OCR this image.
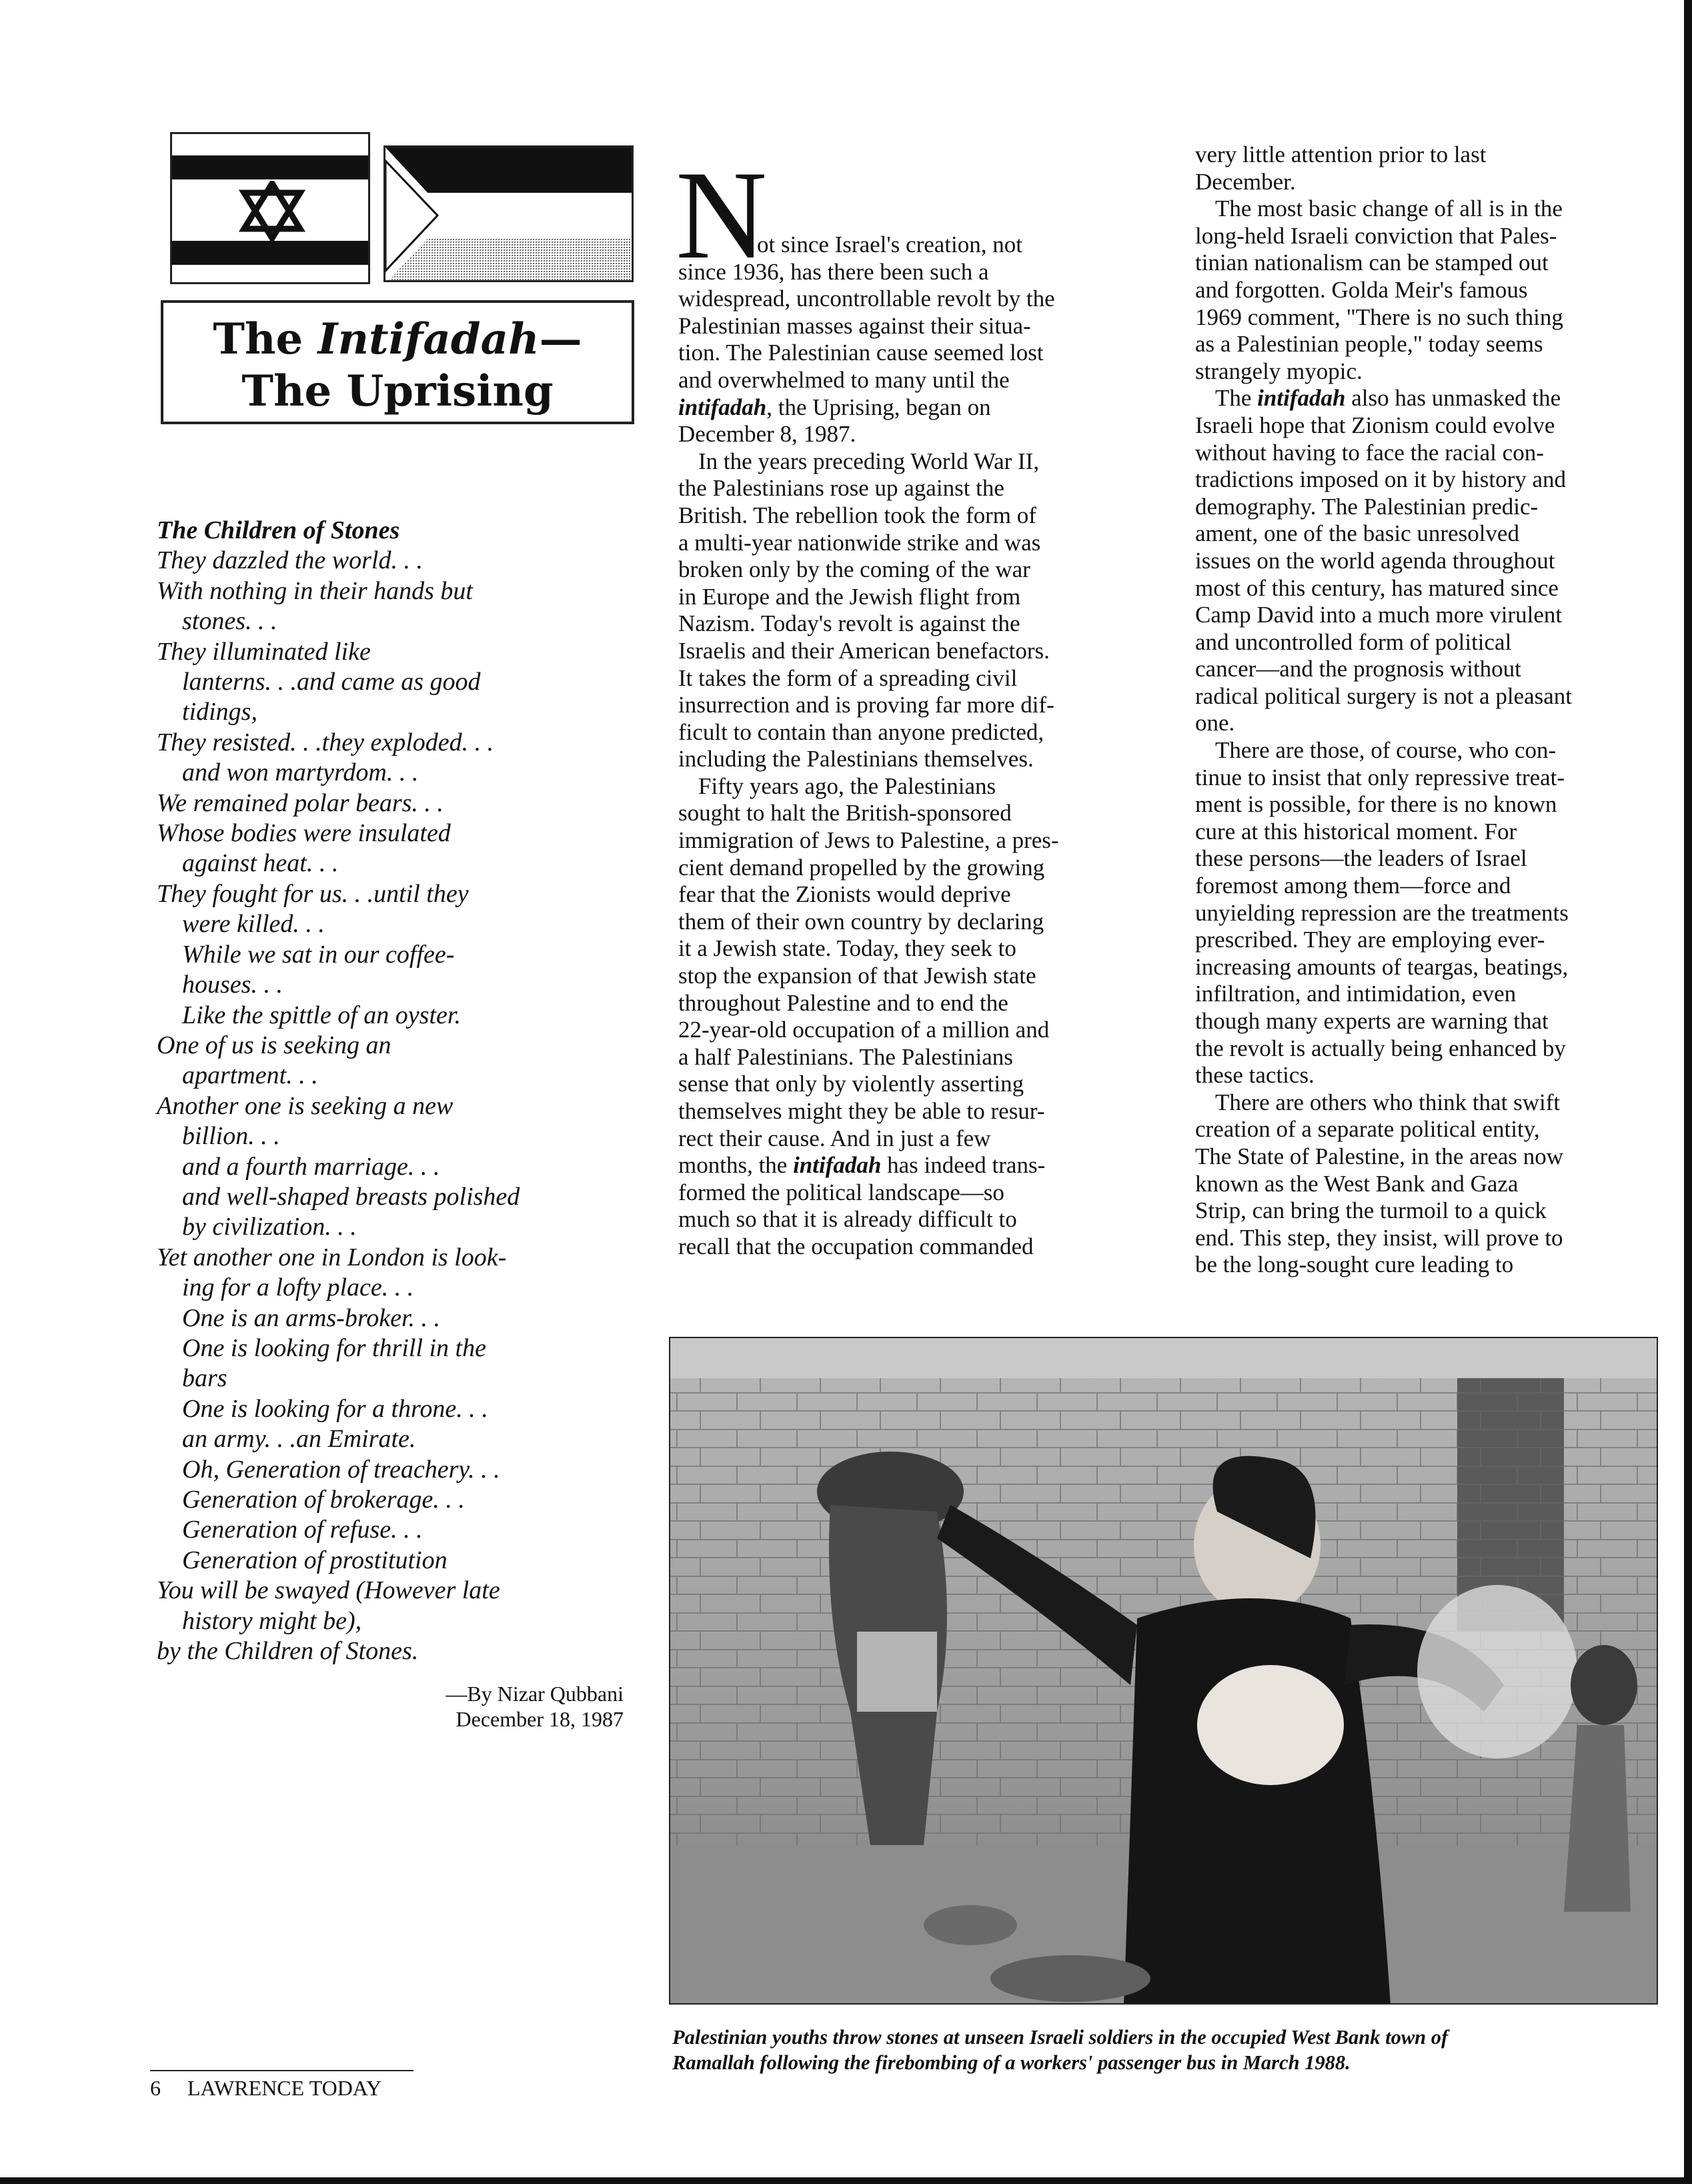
The Intifadah—
The Uprising
The Children of Stones
They dazzled the world. . .
With nothing in their hands but
stones. . .
They illuminated like
lanterns. . .and came as good
tidings,
They resisted. . .they exploded. . .
and won martyrdom. . .
We remained polar bears. . .
Whose bodies were insulated
against heat. . .
They fought for us. . .until they
were killed. . .
While we sat in our coffee-
houses. . .
Like the spittle of an oyster.
One of us is seeking an
apartment. . .
Another one is seeking a new
billion. . .
and a fourth marriage. . .
and well-shaped breasts polished
by civilization. . .
Yet another one in London is look-
ing for a lofty place. . .
One is an arms-broker. . .
One is looking for thrill in the
bars
One is looking for a throne. . .
an army. . .an Emirate.
Oh, Generation of treachery. . .
Generation of brokerage. . .
Generation of refuse. . .
Generation of prostitution
You will be swayed (However late
history might be),
by the Children of Stones.
—By Nizar Qubbani
December 18, 1987
N
ot since Israel's creation, not
since 1936, has there been such a
widespread, uncontrollable revolt by the
Palestinian masses against their situa-
tion. The Palestinian cause seemed lost
and overwhelmed to many until the
intifadah, the Uprising, began on
December 8, 1987.
In the years preceding World War II,
the Palestinians rose up against the
British. The rebellion took the form of
a multi-year nationwide strike and was
broken only by the coming of the war
in Europe and the Jewish flight from
Nazism. Today's revolt is against the
Israelis and their American benefactors.
It takes the form of a spreading civil
insurrection and is proving far more dif-
ficult to contain than anyone predicted,
including the Palestinians themselves.
Fifty years ago, the Palestinians
sought to halt the British-sponsored
immigration of Jews to Palestine, a pres-
cient demand propelled by the growing
fear that the Zionists would deprive
them of their own country by declaring
it a Jewish state. Today, they seek to
stop the expansion of that Jewish state
throughout Palestine and to end the
22-year-old occupation of a million and
a half Palestinians. The Palestinians
sense that only by violently asserting
themselves might they be able to resur-
rect their cause. And in just a few
months, the intifadah has indeed trans-
formed the political landscape—so
much so that it is already difficult to
recall that the occupation commanded
very little attention prior to last
December.
The most basic change of all is in the
long-held Israeli conviction that Pales-
tinian nationalism can be stamped out
and forgotten. Golda Meir's famous
1969 comment, "There is no such thing
as a Palestinian people," today seems
strangely myopic.
The intifadah also has unmasked the
Israeli hope that Zionism could evolve
without having to face the racial con-
tradictions imposed on it by history and
demography. The Palestinian predic-
ament, one of the basic unresolved
issues on the world agenda throughout
most of this century, has matured since
Camp David into a much more virulent
and uncontrolled form of political
cancer—and the prognosis without
radical political surgery is not a pleasant
one.
There are those, of course, who con-
tinue to insist that only repressive treat-
ment is possible, for there is no known
cure at this historical moment. For
these persons—the leaders of Israel
foremost among them—force and
unyielding repression are the treatments
prescribed. They are employing ever-
increasing amounts of teargas, beatings,
infiltration, and intimidation, even
though many experts are warning that
the revolt is actually being enhanced by
these tactics.
There are others who think that swift
creation of a separate political entity,
The State of Palestine, in the areas now
known as the West Bank and Gaza
Strip, can bring the turmoil to a quick
end. This step, they insist, will prove to
be the long-sought cure leading to
Palestinian youths throw stones at unseen Israeli soldiers in the occupied West Bank town of
Ramallah following the firebombing of a workers' passenger bus in March 1988.
6 LAWRENCE TODAY
